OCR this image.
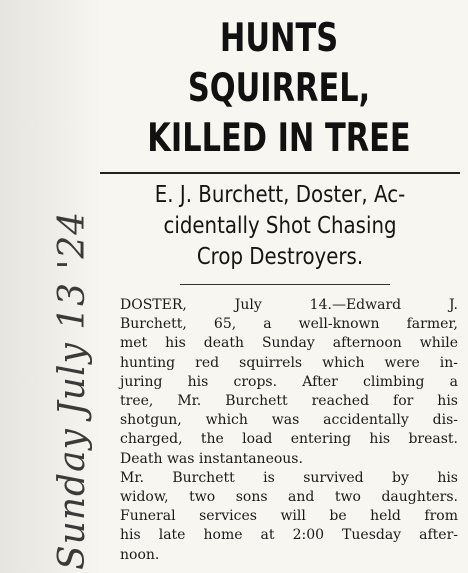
Sunday July 13 '24
HUNTS SQUIRREL,
KILLED IN TREE
E. J. Burchett, Doster, Ac-
cidentally Shot Chasing
Crop Destroyers.
DOSTER, July 14.—Edward J.
Burchett, 65, a well-known farmer,
met his death Sunday afternoon while
hunting red squirrels which were in-
juring his crops. After climbing a
tree, Mr. Burchett reached for his
shotgun, which was accidentally dis-
charged, the load entering his breast.
Death was instantaneous.
Mr. Burchett is survived by his
widow, two sons and two daughters.
Funeral services will be held from
his late home at 2:00 Tuesday after-
noon.
